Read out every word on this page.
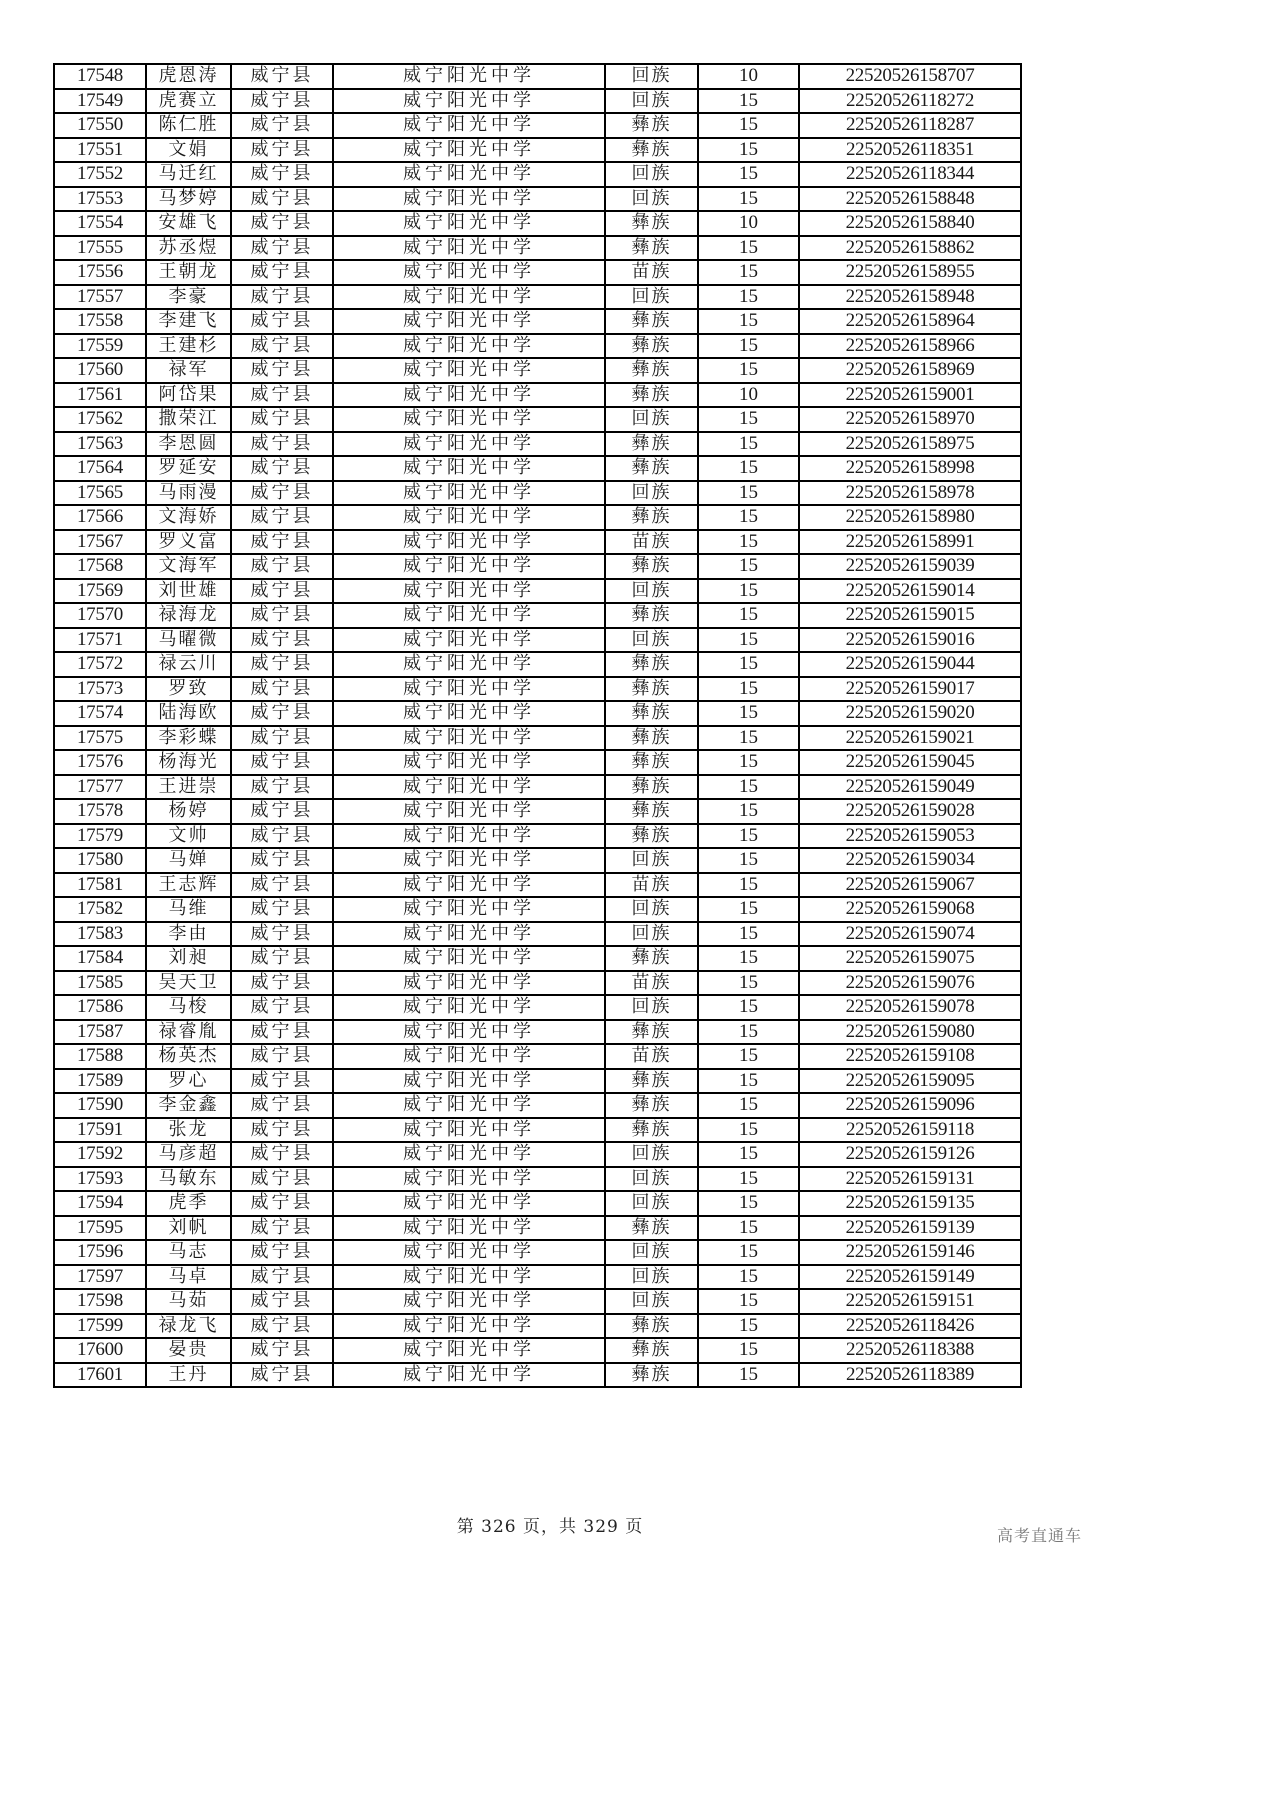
17548	虎恩涛	威宁县	威宁阳光中学	回族	10	22520526158707
17549	虎赛立	威宁县	威宁阳光中学	回族	15	22520526118272
17550	陈仁胜	威宁县	威宁阳光中学	彝族	15	22520526118287
17551	文娟	威宁县	威宁阳光中学	彝族	15	22520526118351
17552	马迁红	威宁县	威宁阳光中学	回族	15	22520526118344
17553	马梦婷	威宁县	威宁阳光中学	回族	15	22520526158848
17554	安雄飞	威宁县	威宁阳光中学	彝族	10	22520526158840
17555	苏丞煜	威宁县	威宁阳光中学	彝族	15	22520526158862
17556	王朝龙	威宁县	威宁阳光中学	苗族	15	22520526158955
17557	李豪	威宁县	威宁阳光中学	回族	15	22520526158948
17558	李建飞	威宁县	威宁阳光中学	彝族	15	22520526158964
17559	王建杉	威宁县	威宁阳光中学	彝族	15	22520526158966
17560	禄军	威宁县	威宁阳光中学	彝族	15	22520526158969
17561	阿岱果	威宁县	威宁阳光中学	彝族	10	22520526159001
17562	撒荣江	威宁县	威宁阳光中学	回族	15	22520526158970
17563	李恩圆	威宁县	威宁阳光中学	彝族	15	22520526158975
17564	罗延安	威宁县	威宁阳光中学	彝族	15	22520526158998
17565	马雨漫	威宁县	威宁阳光中学	回族	15	22520526158978
17566	文海娇	威宁县	威宁阳光中学	彝族	15	22520526158980
17567	罗义富	威宁县	威宁阳光中学	苗族	15	22520526158991
17568	文海军	威宁县	威宁阳光中学	彝族	15	22520526159039
17569	刘世雄	威宁县	威宁阳光中学	回族	15	22520526159014
17570	禄海龙	威宁县	威宁阳光中学	彝族	15	22520526159015
17571	马曜微	威宁县	威宁阳光中学	回族	15	22520526159016
17572	禄云川	威宁县	威宁阳光中学	彝族	15	22520526159044
17573	罗致	威宁县	威宁阳光中学	彝族	15	22520526159017
17574	陆海欧	威宁县	威宁阳光中学	彝族	15	22520526159020
17575	李彩蝶	威宁县	威宁阳光中学	彝族	15	22520526159021
17576	杨海光	威宁县	威宁阳光中学	彝族	15	22520526159045
17577	王进崇	威宁县	威宁阳光中学	彝族	15	22520526159049
17578	杨婷	威宁县	威宁阳光中学	彝族	15	22520526159028
17579	文帅	威宁县	威宁阳光中学	彝族	15	22520526159053
17580	马婵	威宁县	威宁阳光中学	回族	15	22520526159034
17581	王志辉	威宁县	威宁阳光中学	苗族	15	22520526159067
17582	马维	威宁县	威宁阳光中学	回族	15	22520526159068
17583	李由	威宁县	威宁阳光中学	回族	15	22520526159074
17584	刘昶	威宁县	威宁阳光中学	彝族	15	22520526159075
17585	吴天卫	威宁县	威宁阳光中学	苗族	15	22520526159076
17586	马梭	威宁县	威宁阳光中学	回族	15	22520526159078
17587	禄睿胤	威宁县	威宁阳光中学	彝族	15	22520526159080
17588	杨英杰	威宁县	威宁阳光中学	苗族	15	22520526159108
17589	罗心	威宁县	威宁阳光中学	彝族	15	22520526159095
17590	李金鑫	威宁县	威宁阳光中学	彝族	15	22520526159096
17591	张龙	威宁县	威宁阳光中学	彝族	15	22520526159118
17592	马彦超	威宁县	威宁阳光中学	回族	15	22520526159126
17593	马敏东	威宁县	威宁阳光中学	回族	15	22520526159131
17594	虎季	威宁县	威宁阳光中学	回族	15	22520526159135
17595	刘帆	威宁县	威宁阳光中学	彝族	15	22520526159139
17596	马志	威宁县	威宁阳光中学	回族	15	22520526159146
17597	马卓	威宁县	威宁阳光中学	回族	15	22520526159149
17598	马茹	威宁县	威宁阳光中学	回族	15	22520526159151
17599	禄龙飞	威宁县	威宁阳光中学	彝族	15	22520526118426
17600	晏贵	威宁县	威宁阳光中学	彝族	15	22520526118388
17601	王丹	威宁县	威宁阳光中学	彝族	15	22520526118389
第 326 页，共 329 页	高考直通车
